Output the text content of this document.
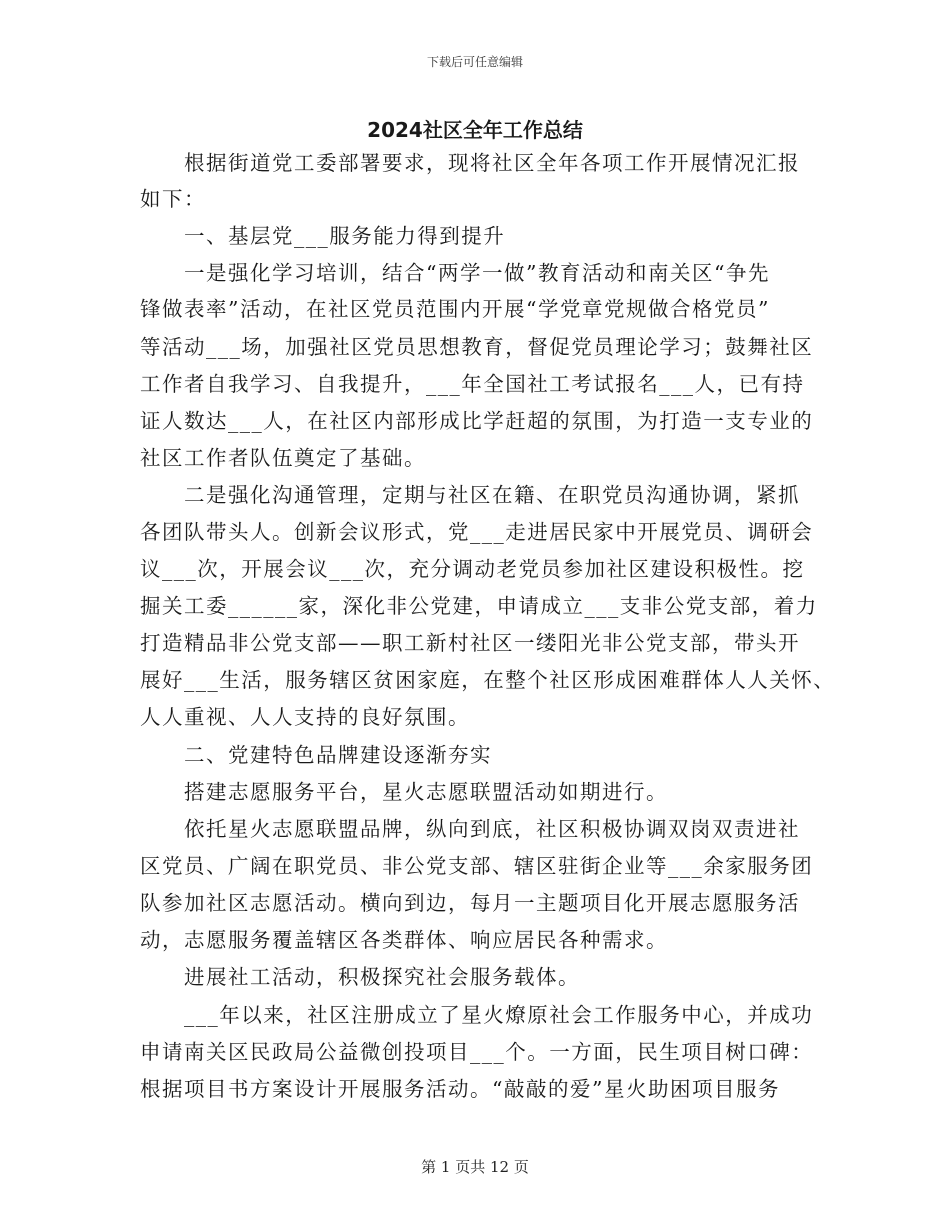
下载后可任意编辑
2024社区全年工作总结
　　根据街道党工委部署要求，现将社区全年各项工作开展情况汇报
如下：
　　一、基层党___服务能力得到提升
　　一是强化学习培训，结合“两学一做”教育活动和南关区“争先
锋做表率”活动，在社区党员范围内开展“学党章党规做合格党员”
等活动___场，加强社区党员思想教育，督促党员理论学习；鼓舞社区
工作者自我学习、自我提升，___年全国社工考试报名___人，已有持
证人数达___人，在社区内部形成比学赶超的氛围，为打造一支专业的
社区工作者队伍奠定了基础。
　　二是强化沟通管理，定期与社区在籍、在职党员沟通协调，紧抓
各团队带头人。创新会议形式，党___走进居民家中开展党员、调研会
议___次，开展会议___次，充分调动老党员参加社区建设积极性。挖
掘关工委______家，深化非公党建，申请成立___支非公党支部，着力
打造精品非公党支部——职工新村社区一缕阳光非公党支部，带头开
展好___生活，服务辖区贫困家庭，在整个社区形成困难群体人人关怀、
人人重视、人人支持的良好氛围。
　　二、党建特色品牌建设逐渐夯实
　　搭建志愿服务平台，星火志愿联盟活动如期进行。
　　依托星火志愿联盟品牌，纵向到底，社区积极协调双岗双责进社
区党员、广阔在职党员、非公党支部、辖区驻街企业等___余家服务团
队参加社区志愿活动。横向到边，每月一主题项目化开展志愿服务活
动，志愿服务覆盖辖区各类群体、响应居民各种需求。
　　进展社工活动，积极探究社会服务载体。
　　___年以来，社区注册成立了星火燎原社会工作服务中心，并成功
申请南关区民政局公益微创投项目___个。一方面，民生项目树口碑：
根据项目书方案设计开展服务活动。“敲敲的爱”星火助困项目服务
第 1 页共 12 页
